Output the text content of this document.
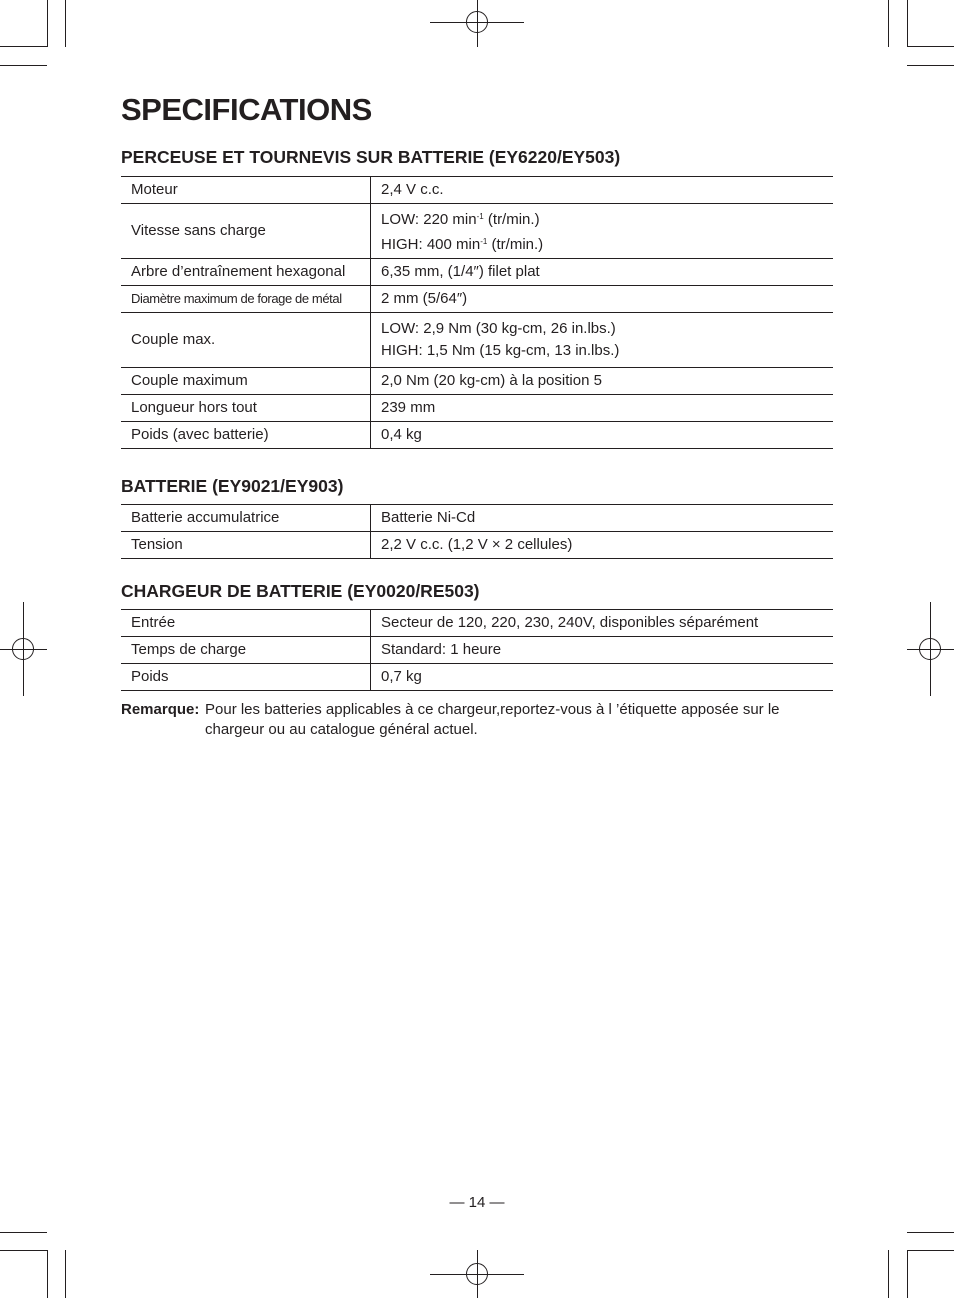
SPECIFICATIONS
PERCEUSE ET TOURNEVIS SUR BATTERIE (EY6220/EY503)
Moteur	2,4 V c.c.
Vitesse sans charge	LOW: 220 $\min^{-1} (tr/\min.)$
HIGH: 400 $\min^{-1} (tr/\min.)$

Arbre d’entraînement hexagonal	6,35 mm, (1/4″) filet plat
Diamètre maximum de forage de métal	2 mm (5/64″)
Couple max.	LOW: 2,9 Nm (30 kg-cm, 26 in.lbs.)
HIGH: 1,5 Nm (15 kg-cm, 13 in.lbs.)

Couple maximum	2,0 Nm (20 kg-cm) à la position 5
Longueur hors tout	239 mm
Poids (avec batterie)	0,4 kg
BATTERIE (EY9021/EY903)
Batterie accumulatrice	Batterie Ni-Cd
Tension	2,2 V c.c. (1,2 V × 2 cellules)
CHARGEUR DE BATTERIE (EY0020/RE503)
Entrée	Secteur de 120, 220, 230, 240V, disponibles séparément
Temps de charge	Standard: 1 heure
Poids	0,7 kg
Remarque: Pour les batteries applicables à ce chargeur,reportez-vous à l ’étiquette apposée sur le chargeur ou au catalogue général actuel.
— 14 —
